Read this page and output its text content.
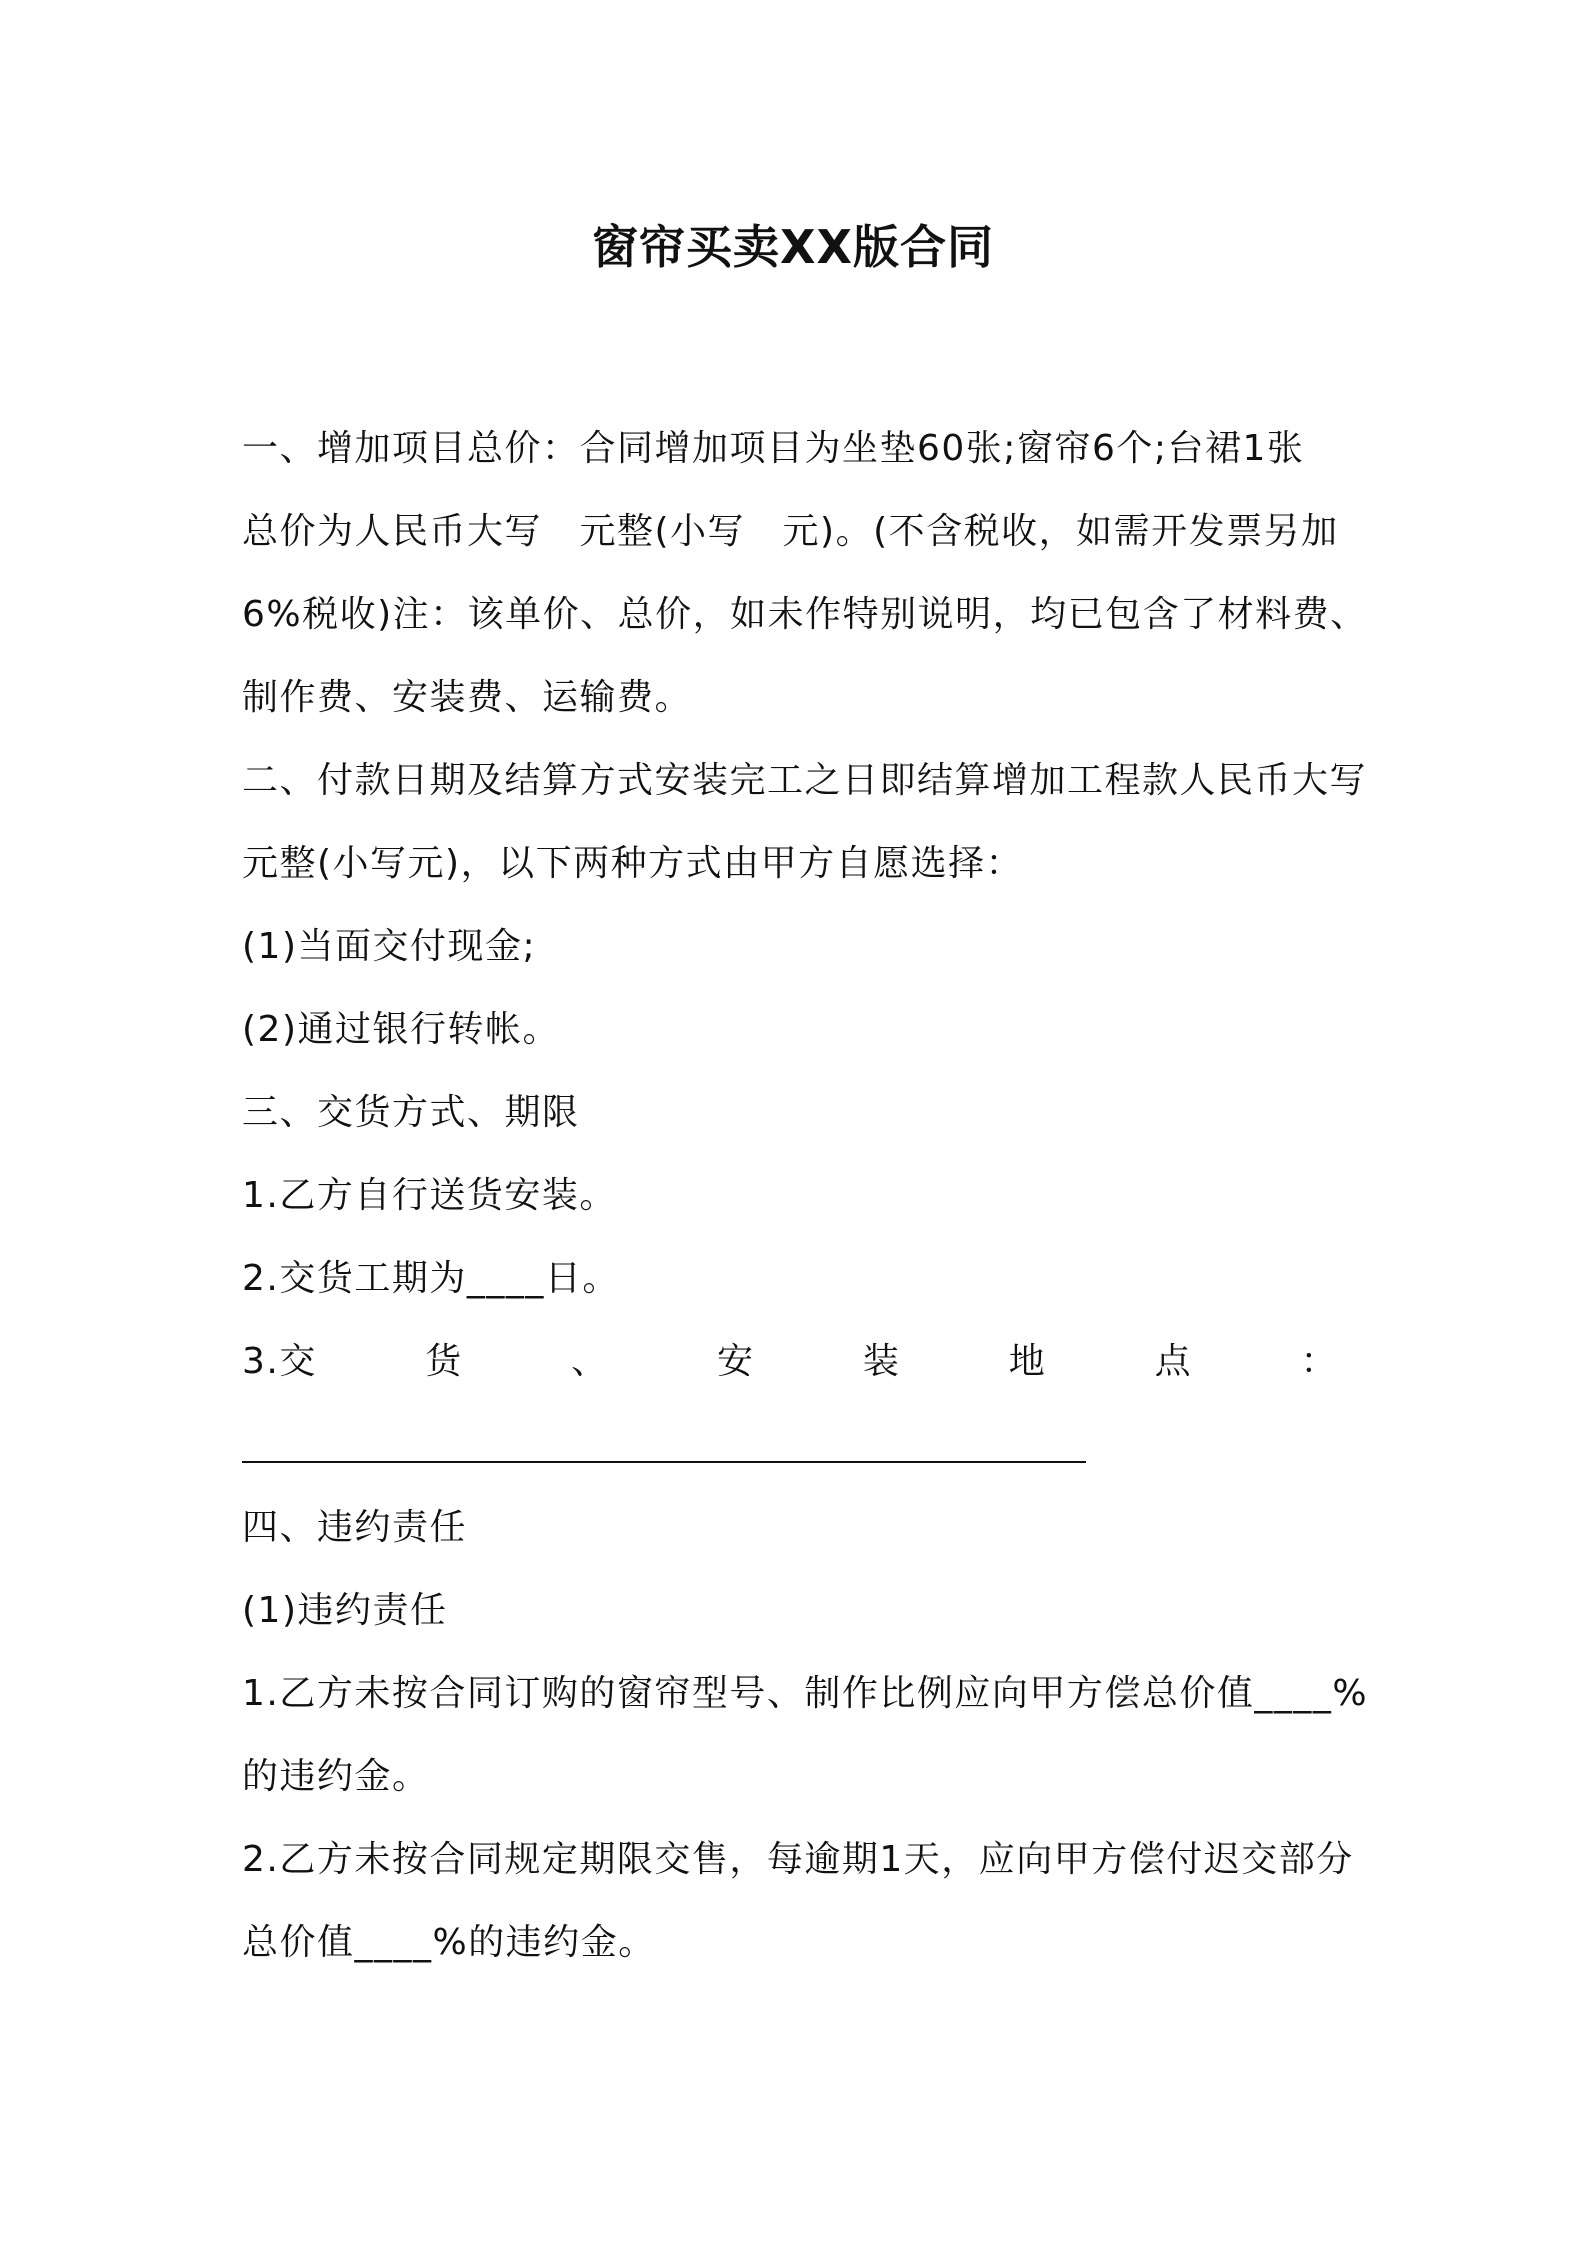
窗帘买卖XX版合同
一、增加项目总价：合同增加项目为坐垫60张;窗帘6个;台裙1张
总价为人民币大写　元整(小写　元)。(不含税收，如需开发票另加
6%税收)注：该单价、总价，如未作特别说明，均已包含了材料费、
制作费、安装费、运输费。
二、付款日期及结算方式安装完工之日即结算增加工程款人民币大写
元整(小写元)，以下两种方式由甲方自愿选择：
(1)当面交付现金;
(2)通过银行转帐。
三、交货方式、期限
1.乙方自行送货安装。
2.交货工期为____日。
3.交	货	、	安	装	地	点	：
四、违约责任
(1)违约责任
1.乙方未按合同订购的窗帘型号、制作比例应向甲方偿总价值____%
的违约金。
2.乙方未按合同规定期限交售，每逾期1天，应向甲方偿付迟交部分
总价值____%的违约金。
